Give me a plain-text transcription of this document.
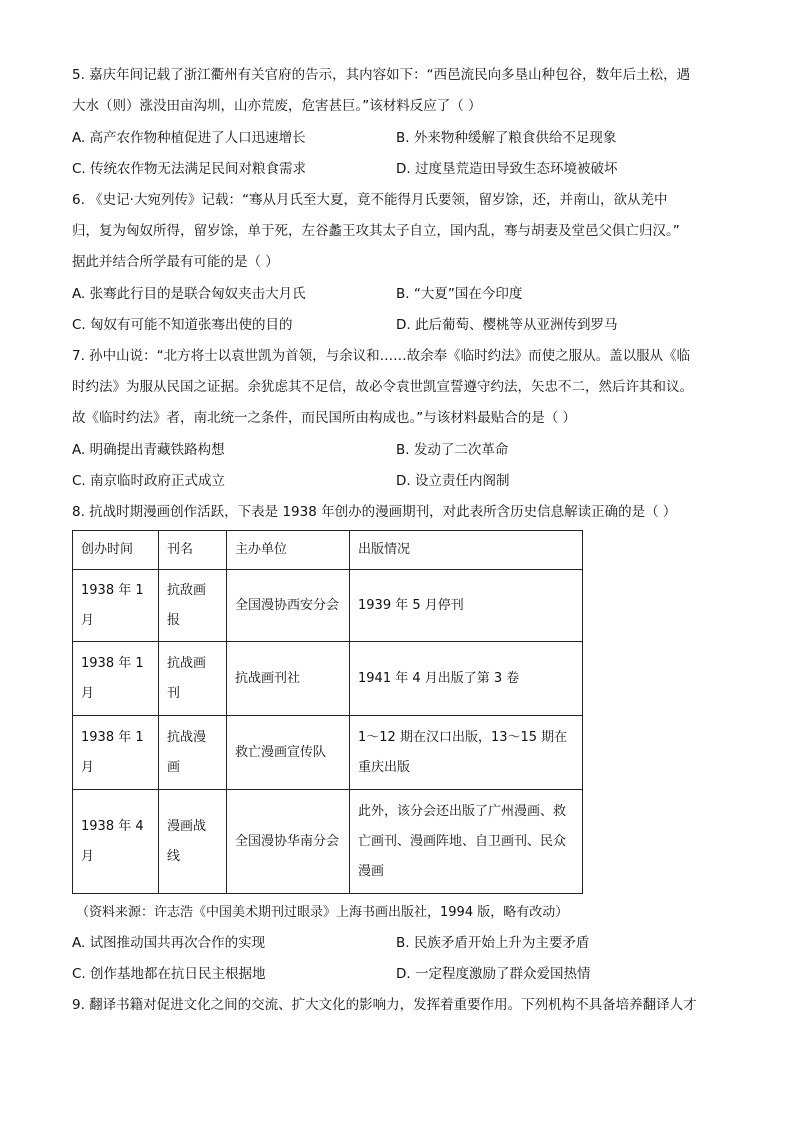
5. 嘉庆年间记载了浙江衢州有关官府的告示，其内容如下：“西邑流民向多垦山种包谷，数年后土松，遇
大水（则）涨没田亩沟圳，山亦荒废，危害甚巨。”该材料反应了（ ）
A. 高产农作物种植促进了人口迅速增长	B. 外来物种缓解了粮食供给不足现象
C. 传统农作物无法满足民间对粮食需求	D. 过度垦荒造田导致生态环境被破坏
6. 《史记·大宛列传》记载：“骞从月氏至大夏，竟不能得月氏要领，留岁馀，还，并南山，欲从羌中
归，复为匈奴所得，留岁馀，单于死，左谷蠡王攻其太子自立，国内乱，骞与胡妻及堂邑父俱亡归汉。”
据此并结合所学最有可能的是（ ）
A. 张骞此行目的是联合匈奴夹击大月氏	B. “大夏”国在今印度
C. 匈奴有可能不知道张骞出使的目的	D. 此后葡萄、樱桃等从亚洲传到罗马
7. 孙中山说：“北方将士以袁世凯为首领，与余议和……故余奉《临时约法》而使之服从。盖以服从《临
时约法》为服从民国之证据。余犹虑其不足信，故必令袁世凯宣誓遵守约法，矢忠不二，然后许其和议。
故《临时约法》者，南北统一之条件，而民国所由构成也。”与该材料最贴合的是（ ）
A. 明确提出青藏铁路构想	B. 发动了二次革命
C. 南京临时政府正式成立	D. 设立责任内阁制
8. 抗战时期漫画创作活跃，下表是 1938 年创办的漫画期刊，对此表所含历史信息解读正确的是（ ）
创办时间	刊名	主办单位	出版情况
1938 年 1 月	抗敌画报	全国漫协西安分会	1939 年 5 月停刊
1938 年 1 月	抗战画刊	抗战画刊社	1941 年 4 月出版了第 3 卷
1938 年 1 月	抗战漫画	救亡漫画宣传队	1～12 期在汉口出版，13～15 期在重庆出版
1938 年 4 月	漫画战线	全国漫协华南分会	此外，该分会还出版了广州漫画、救亡画刊、漫画阵地、自卫画刊、民众漫画
（资料来源：许志浩《中国美术期刊过眼录》上海书画出版社，1994 版，略有改动）
A. 试图推动国共再次合作的实现	B. 民族矛盾开始上升为主要矛盾
C. 创作基地都在抗日民主根据地	D. 一定程度激励了群众爱国热情
9. 翻译书籍对促进文化之间的交流、扩大文化的影响力，发挥着重要作用。下列机构不具备培养翻译人才
